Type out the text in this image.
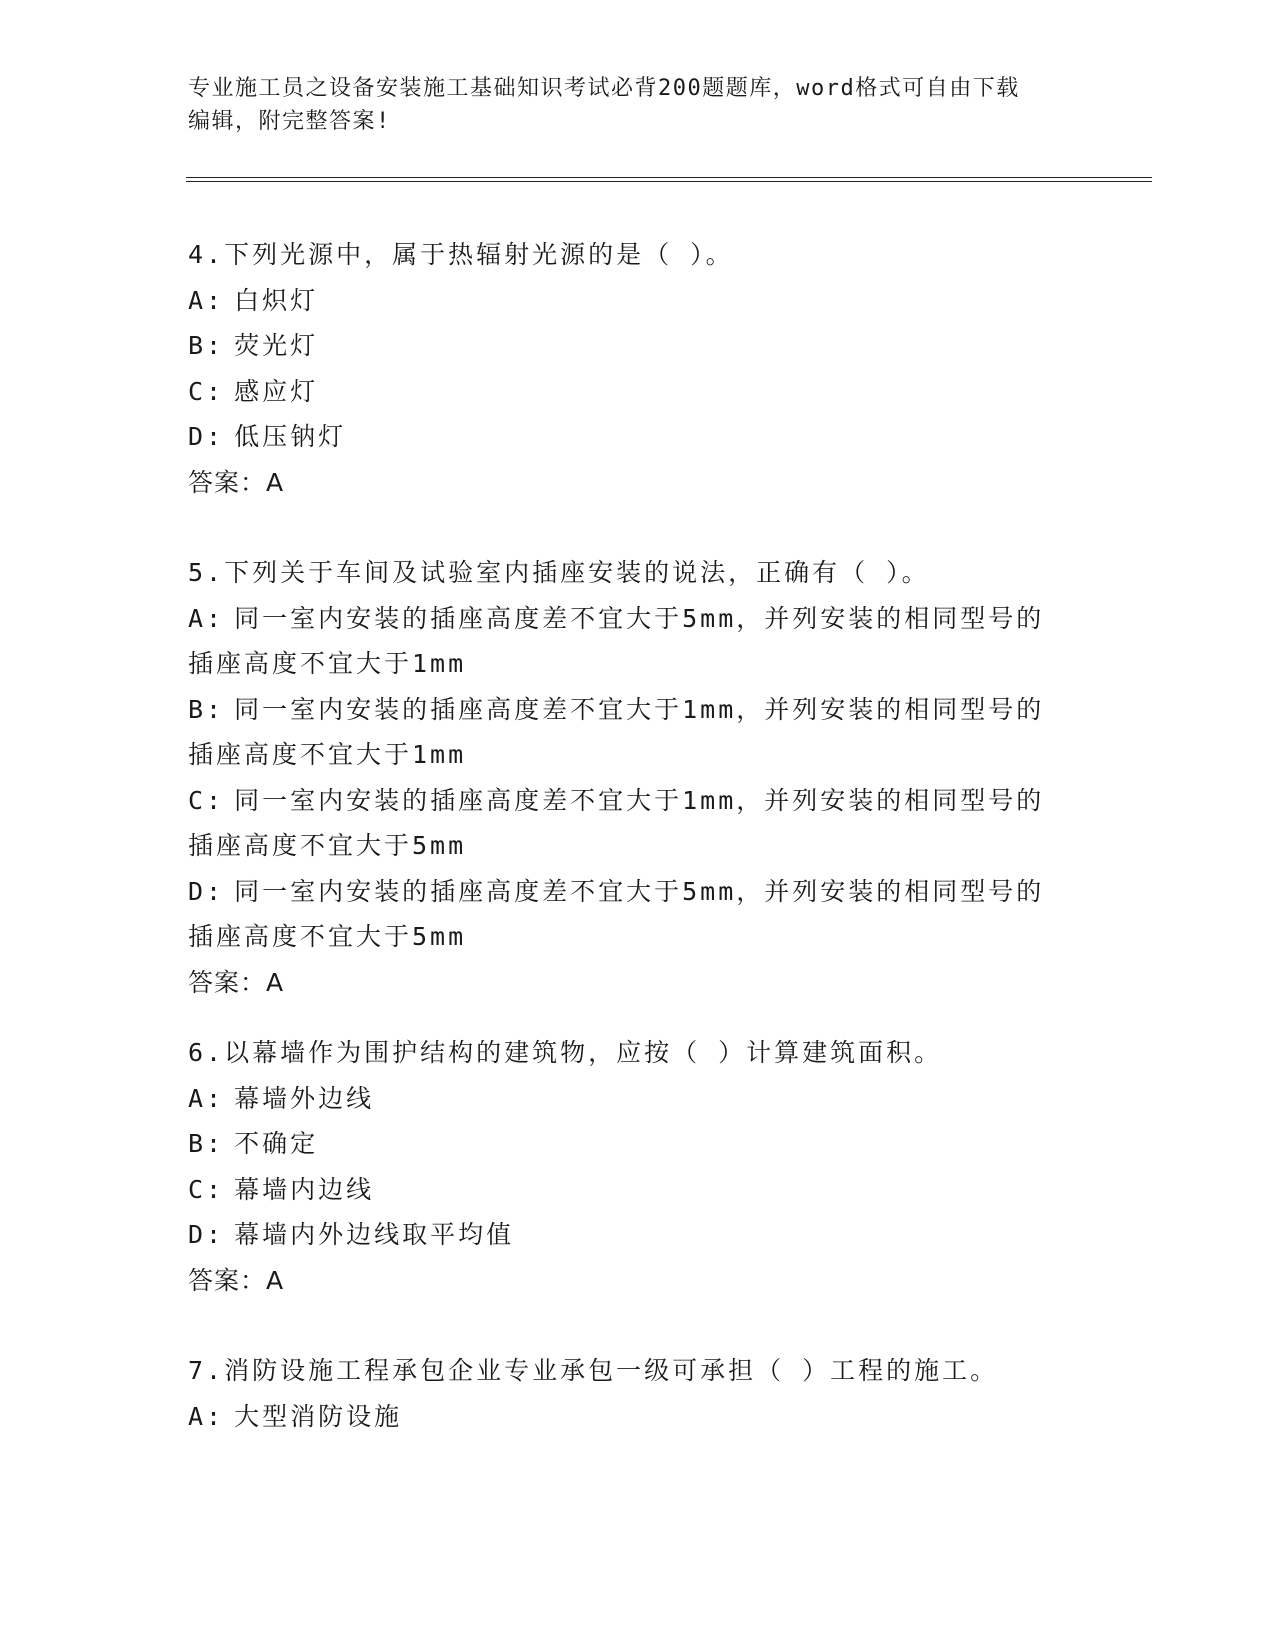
专业施工员之设备安装施工基础知识考试必背200题题库，word格式可自由下载
编辑，附完整答案!
4.下列光源中，属于热辐射光源的是（ ）。
A: 白炽灯
B: 荧光灯
C: 感应灯
D: 低压钠灯
答案：A
5.下列关于车间及试验室内插座安装的说法，正确有（ ）。
A: 同一室内安装的插座高度差不宜大于5mm，并列安装的相同型号的
插座高度不宜大于1mm
B: 同一室内安装的插座高度差不宜大于1mm，并列安装的相同型号的
插座高度不宜大于1mm
C: 同一室内安装的插座高度差不宜大于1mm，并列安装的相同型号的
插座高度不宜大于5mm
D: 同一室内安装的插座高度差不宜大于5mm，并列安装的相同型号的
插座高度不宜大于5mm
答案：A
6.以幕墙作为围护结构的建筑物，应按（ ）计算建筑面积。
A: 幕墙外边线
B: 不确定
C: 幕墙内边线
D: 幕墙内外边线取平均值
答案：A
7.消防设施工程承包企业专业承包一级可承担（ ）工程的施工。
A: 大型消防设施
